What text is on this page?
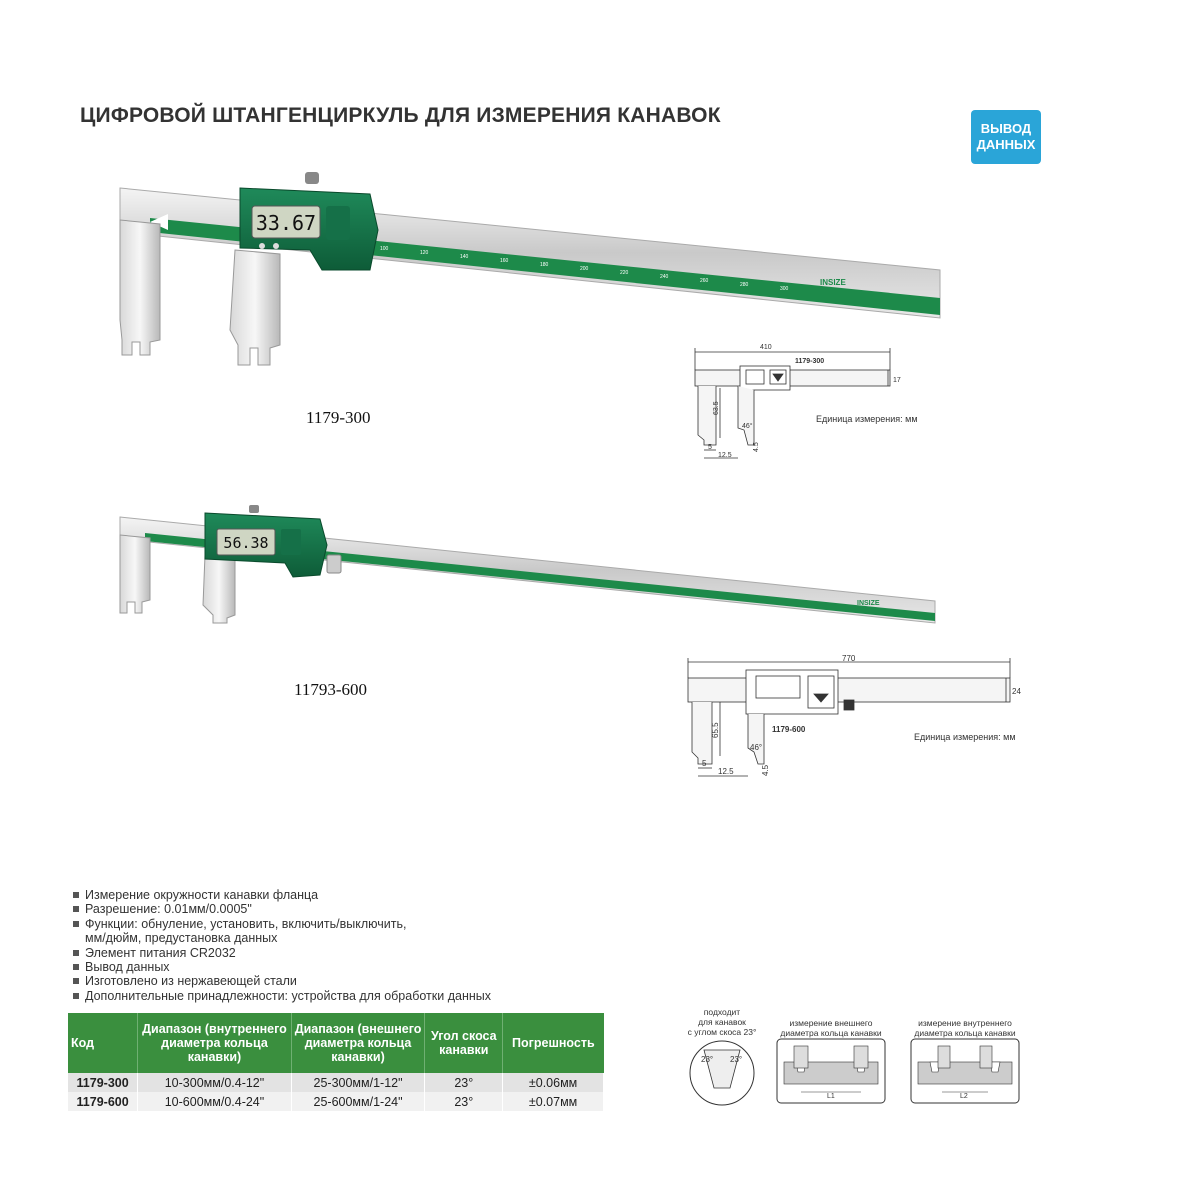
ЦИФРОВОЙ ШТАНГЕНЦИРКУЛЬ ДЛЯ ИЗМЕРЕНИЯ КАНАВОК
ВЫВОД
ДАННЫХ
100
120
140
160
180
200
220
240
260
280
300
INSIZE
33.67
1179-300
410
1179-300
17
63.5
5
12.5
4.5
46°
Единица измерения: мм
INSIZE
56.38
11793-600
770
1179-600
24
65.5
5
12.5	4.5
46°
Единица измерения: мм
Измерение окружности канавки фланца
Разрешение: 0.01мм/0.0005"
Функции: обнуление, установить, включить/выключить,
мм/дюйм, предустановка данных
Элемент питания CR2032
Вывод данных
Изготовлено из нержавеющей стали
Дополнительные принадлежности: устройства для обработки данных
Код	Диапазон (внутреннего диаметра кольца канавки)	Диапазон (внешнего диаметра кольца канавки)	Угол скоса канавки	Погрешность
1179-300	10-300мм/0.4-12"	25-300мм/1-12"	23°	±0.06мм
1179-600	10-600мм/0.4-24"	25-600мм/1-24"	23°	±0.07мм
подходит
для канавок
с углом скоса 23°
23° 23°
измерение внешнего
диаметра кольца канавки
L1
измерение внутреннего
диаметра кольца канавки
L2
